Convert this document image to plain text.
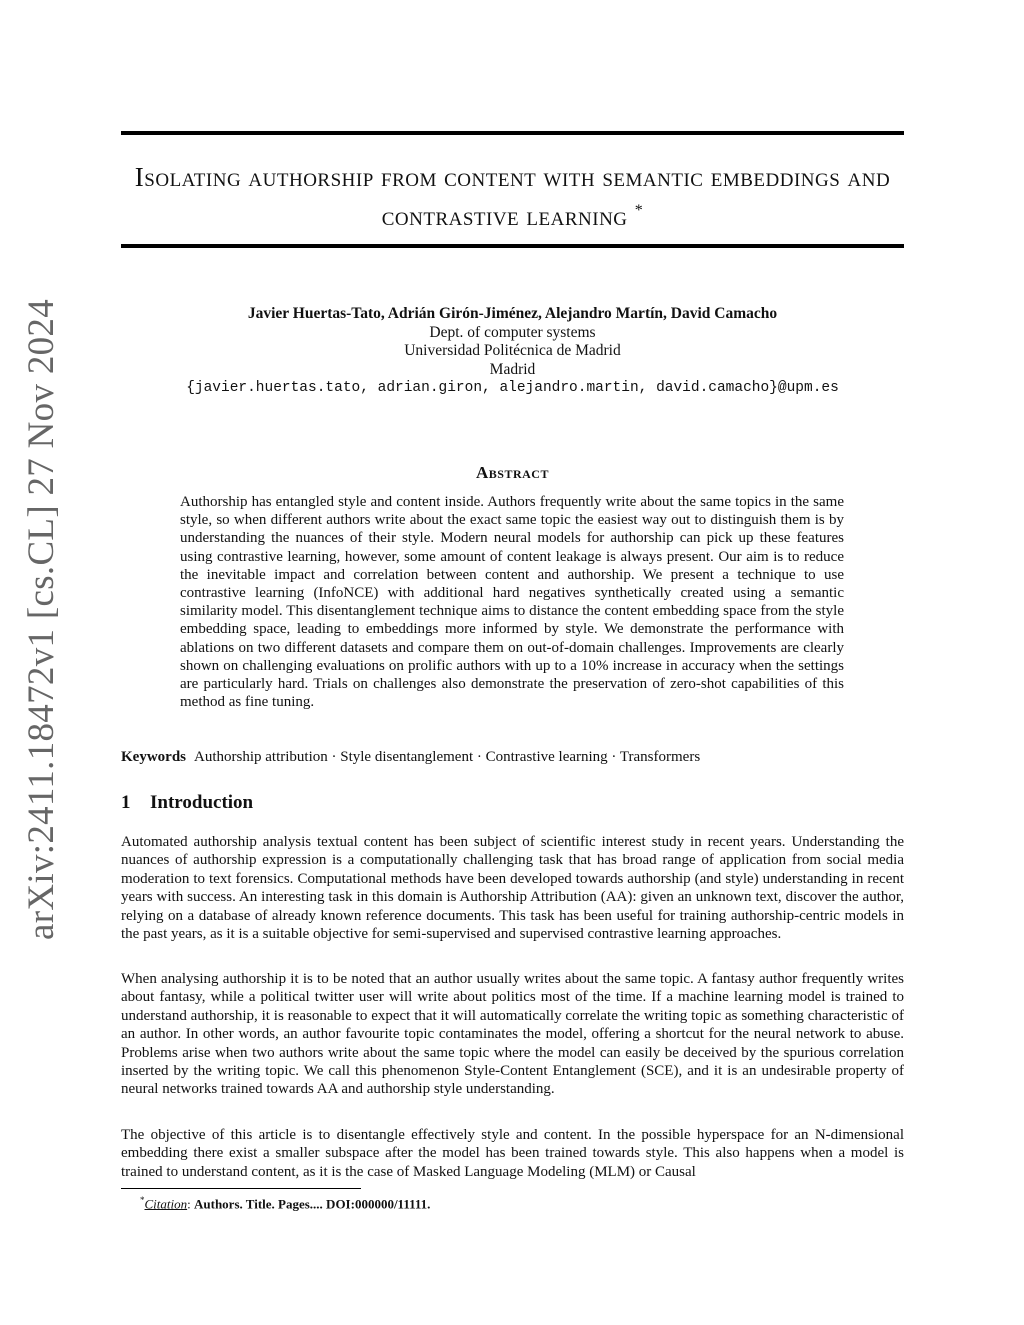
arXiv:2411.18472v1 [cs.CL] 27 Nov 2024
Isolating authorship from content with semantic embeddings and contrastive learning *
Javier Huertas-Tato, Adrián Girón-Jiménez, Alejandro Martín, David Camacho
Dept. of computer systems
Universidad Politécnica de Madrid
Madrid
{javier.huertas.tato, adrian.giron, alejandro.martin, david.camacho}@upm.es
Abstract
Authorship has entangled style and content inside. Authors frequently write about the same topics in the same style, so when different authors write about the exact same topic the easiest way out to distinguish them is by understanding the nuances of their style. Modern neural models for authorship can pick up these features using contrastive learning, however, some amount of content leakage is always present. Our aim is to reduce the inevitable impact and correlation between content and authorship. We present a technique to use contrastive learning (InfoNCE) with additional hard negatives synthetically created using a semantic similarity model. This disentanglement technique aims to distance the content embedding space from the style embedding space, leading to embeddings more informed by style. We demonstrate the performance with ablations on two different datasets and compare them on out-of-domain challenges. Improvements are clearly shown on challenging evaluations on prolific authors with up to a 10% increase in accuracy when the settings are particularly hard. Trials on challenges also demonstrate the preservation of zero-shot capabilities of this method as fine tuning.
Keywords Authorship attribution · Style disentanglement · Contrastive learning · Transformers
1 Introduction

Automated authorship analysis textual content has been subject of scientific interest study in recent years. Understanding the nuances of authorship expression is a computationally challenging task that has broad range of application from social media moderation to text forensics. Computational methods have been developed towards authorship (and style) understanding in recent years with success. An interesting task in this domain is Authorship Attribution (AA): given an unknown text, discover the author, relying on a database of already known reference documents. This task has been useful for training authorship-centric models in the past years, as it is a suitable objective for semi-supervised and supervised contrastive learning approaches.

When analysing authorship it is to be noted that an author usually writes about the same topic. A fantasy author frequently writes about fantasy, while a political twitter user will write about politics most of the time. If a machine learning model is trained to understand authorship, it is reasonable to expect that it will automatically correlate the writing topic as something characteristic of an author. In other words, an author favourite topic contaminates the model, offering a shortcut for the neural network to abuse. Problems arise when two authors write about the same topic where the model can easily be deceived by the spurious correlation inserted by the writing topic. We call this phenomenon Style-Content Entanglement (SCE), and it is an undesirable property of neural networks trained towards AA and authorship style understanding.

The objective of this article is to disentangle effectively style and content. In the possible hyperspace for an N-dimensional embedding there exist a smaller subspace after the model has been trained towards style. This also happens when a model is trained to understand content, as it is the case of Masked Language Modeling (MLM) or Causal

*Citation: Authors. Title. Pages.... DOI:000000/11111.
